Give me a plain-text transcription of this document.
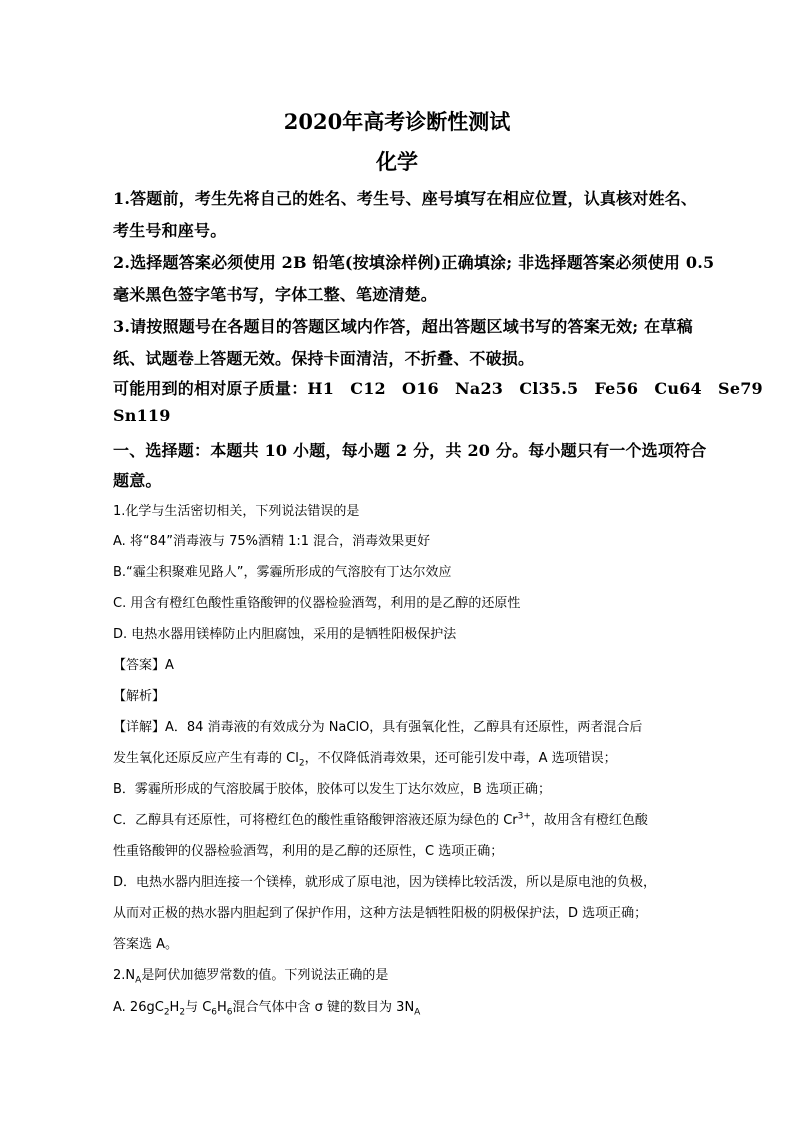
2020年高考诊断性测试
化学
1.答题前，考生先将自己的姓名、考生号、座号填写在相应位置，认真核对姓名、
考生号和座号。
2.选择题答案必须使用 2B 铅笔(按填涂样例)正确填涂; 非选择题答案必须使用 0.5
毫米黑色签字笔书写，字体工整、笔迹清楚。
3.请按照题号在各题目的答题区域内作答，超出答题区域书写的答案无效; 在草稿
纸、试题卷上答题无效。保持卡面清洁，不折叠、不破损。
可能用到的相对原子质量：H1　C12　O16　Na23　Cl35.5　Fe56　Cu64　Se79
Sn119
一、选择题：本题共 10 小题，每小题 2 分，共 20 分。每小题只有一个选项符合
题意。
1.化学与生活密切相关，下列说法错误的是
A. 将“84”消毒液与 75%酒精 1:1 混合，消毒效果更好
B.“霾尘积聚难见路人”，雾霾所形成的气溶胶有丁达尔效应
C. 用含有橙红色酸性重铬酸钾的仪器检验酒驾，利用的是乙醇的还原性
D. 电热水器用镁棒防止内胆腐蚀，采用的是牺牲阳极保护法
【答案】A
【解析】
【详解】A．84 消毒液的有效成分为 NaClO，具有强氧化性，乙醇具有还原性，两者混合后
发生氧化还原反应产生有毒的 $Cl_2$，不仅降低消毒效果，还可能引发中毒，A 选项错误；
B．雾霾所形成的气溶胶属于胶体，胶体可以发生丁达尔效应，B 选项正确；
C．乙醇具有还原性，可将橙红色的酸性重铬酸钾溶液还原为绿色的 $Cr^{3+}$，故用含有橙红色酸
性重铬酸钾的仪器检验酒驾，利用的是乙醇的还原性，C 选项正确；
D．电热水器内胆连接一个镁棒，就形成了原电池，因为镁棒比较活泼，所以是原电池的负极，
从而对正极的热水器内胆起到了保护作用，这种方法是牺牲阳极的阴极保护法，D 选项正确；
答案选 A。
$2.N_A$是阿伏加德罗常数的值。下列说法正确的是
A. $26gC_2H_2$与 $C_6H_6$混合气体中含 σ 键的数目为 $3N_A$
